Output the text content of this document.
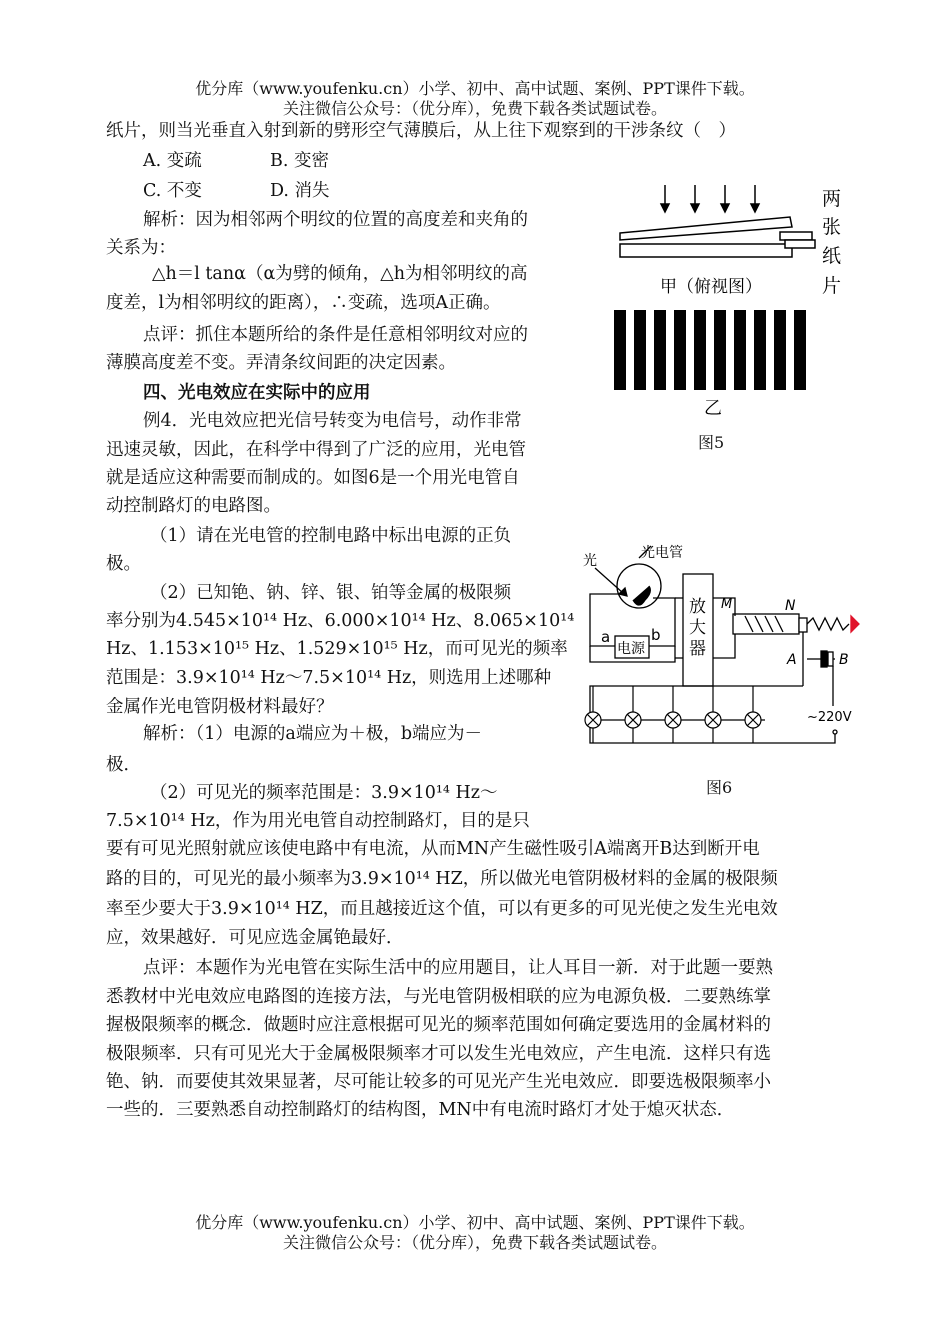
优分库（www.youfenku.cn）小学、初中、高中试题、案例、PPT课件下载。
关注微信公众号：（优分库），免费下载各类试题试卷。
纸片，则当光垂直入射到新的劈形空气薄膜后，从上往下观察到的干涉条纹（　）
A. 变疏	B. 变密
C. 不变	D. 消失
解析：因为相邻两个明纹的位置的高度差和夹角的
关系为：
△h＝l tanα（α为劈的倾角，△h为相邻明纹的高
度差，l为相邻明纹的距离），∴变疏，选项A正确。
点评：抓住本题所给的条件是任意相邻明纹对应的
薄膜高度差不变。弄清条纹间距的决定因素。
四、光电效应在实际中的应用
例4．光电效应把光信号转变为电信号，动作非常
迅速灵敏，因此，在科学中得到了广泛的应用，光电管
就是适应这种需要而制成的。如图6是一个用光电管自
动控制路灯的电路图。
（1）请在光电管的控制电路中标出电源的正负
极。
（2）已知铯、钠、锌、银、铂等金属的极限频
率分别为4.545×10¹⁴ Hz、6.000×10¹⁴ Hz、8.065×10¹⁴
Hz、1.153×10¹⁵ Hz、1.529×10¹⁵ Hz，而可见光的频率
范围是：3.9×10¹⁴ Hz～7.5×10¹⁴ Hz，则选用上述哪种
金属作光电管阴极材料最好？
解析：（1）电源的a端应为＋极，b端应为－
极．
（2）可见光的频率范围是：3.9×10¹⁴ Hz～
7.5×10¹⁴ Hz，作为用光电管自动控制路灯，目的是只
要有可见光照射就应该使电路中有电流，从而MN产生磁性吸引A端离开B达到断开电
路的目的，可见光的最小频率为3.9×10¹⁴ HZ，所以做光电管阴极材料的金属的极限频
率至少要大于3.9×10¹⁴ HZ，而且越接近这个值，可以有更多的可见光使之发生光电效
应，效果越好．可见应选金属铯最好．
点评：本题作为光电管在实际生活中的应用题目，让人耳目一新．对于此题一要熟
悉教材中光电效应电路图的连接方法，与光电管阴极相联的应为电源负极．二要熟练掌
握极限频率的概念．做题时应注意根据可见光的频率范围如何确定要选用的金属材料的
极限频率．只有可见光大于金属极限频率才可以发生光电效应，产生电流．这样只有选
铯、钠．而要使其效果显著，尽可能让较多的可见光产生光电效应．即要选极限频率小
一些的．三要熟悉自动控制路灯的结构图，MN中有电流时路灯才处于熄灭状态．
甲（俯视图）
两
张
纸
片
乙
图5
光	光电管
a	b
电源
放
大
器
M	N
A	B
~220V
图6
优分库（www.youfenku.cn）小学、初中、高中试题、案例、PPT课件下载。
关注微信公众号：（优分库），免费下载各类试题试卷。
